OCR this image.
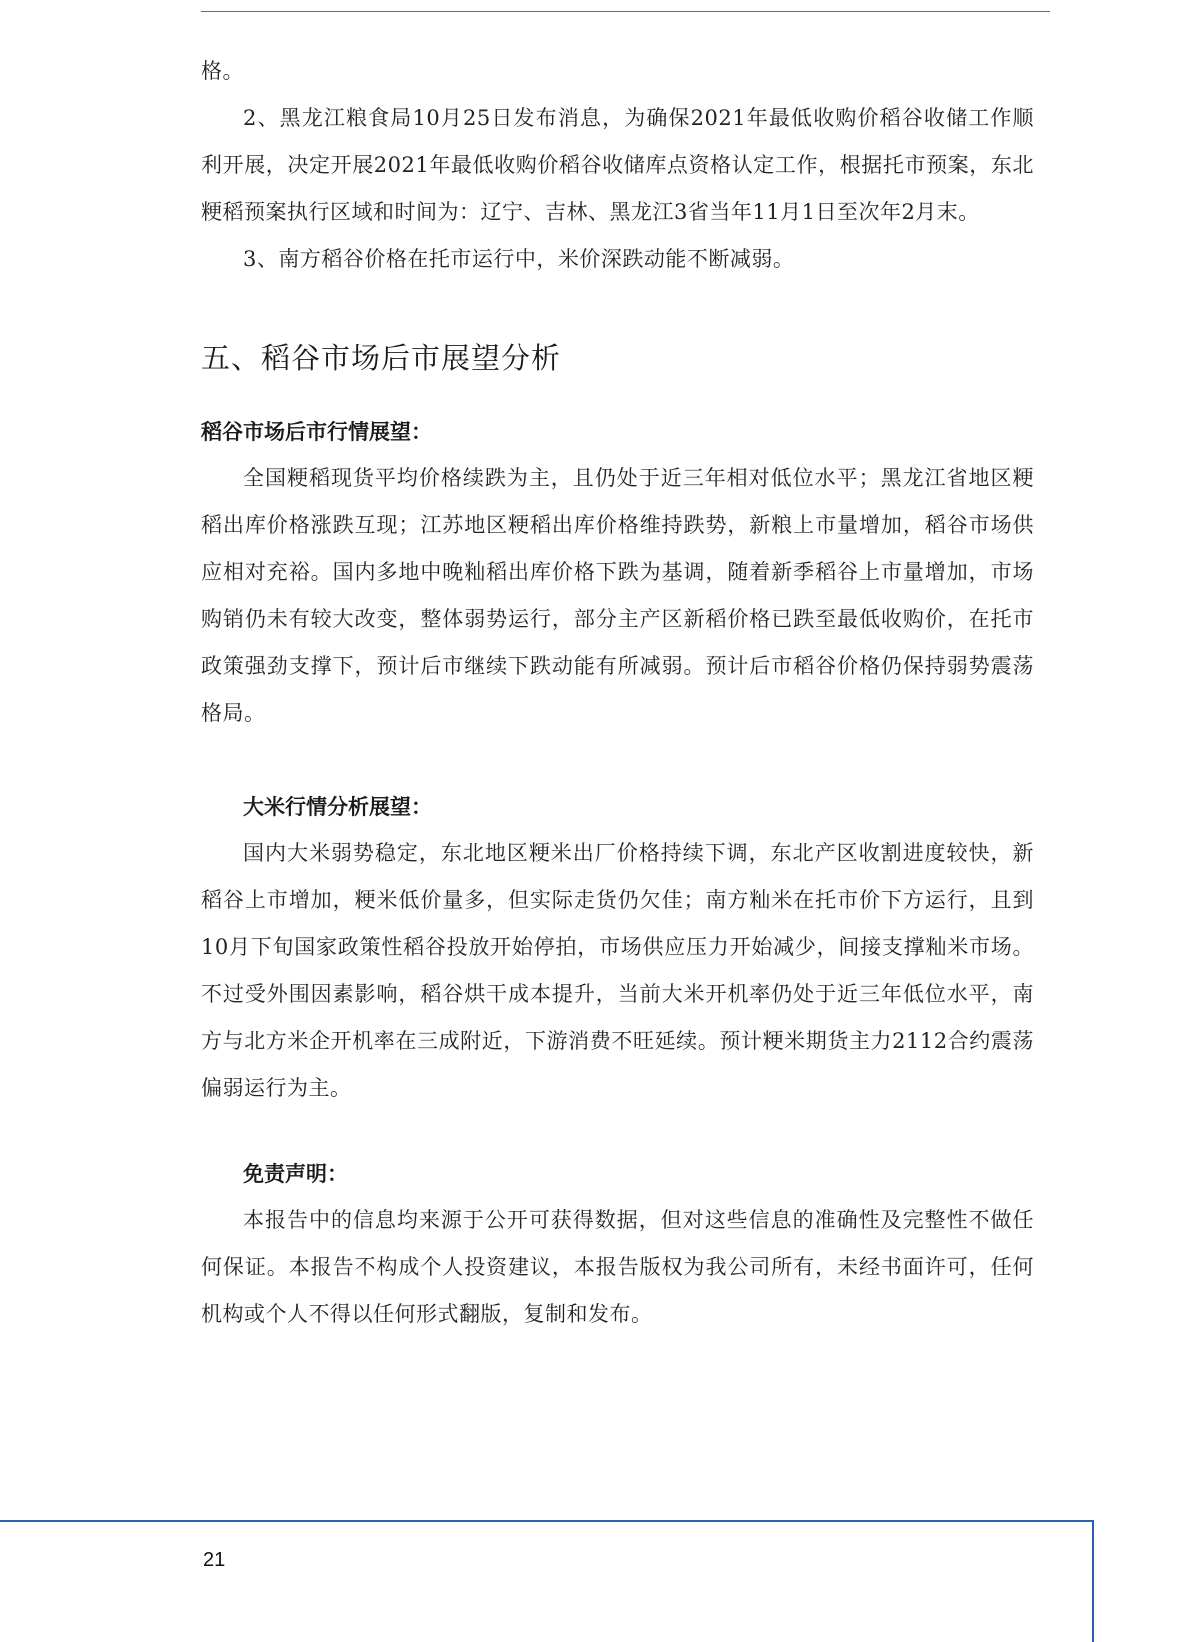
格。

2、黑龙江粮食局10月25日发布消息，为确保2021年最低收购价稻谷收储工作顺利开展，决定开展2021年最低收购价稻谷收储库点资格认定工作，根据托市预案，东北粳稻预案执行区域和时间为：辽宁、吉林、黑龙江3省当年11月1日至次年2月末。

3、南方稻谷价格在托市运行中，米价深跌动能不断减弱。

五、稻谷市场后市展望分析
稻谷市场后市行情展望：

全国粳稻现货平均价格续跌为主，且仍处于近三年相对低位水平；黑龙江省地区粳稻出库价格涨跌互现；江苏地区粳稻出库价格维持跌势，新粮上市量增加，稻谷市场供应相对充裕。国内多地中晚籼稻出库价格下跌为基调，随着新季稻谷上市量增加，市场购销仍未有较大改变，整体弱势运行，部分主产区新稻价格已跌至最低收购价，在托市政策强劲支撑下，预计后市继续下跌动能有所减弱。预计后市稻谷价格仍保持弱势震荡格局。

大米行情分析展望：

国内大米弱势稳定，东北地区粳米出厂价格持续下调，东北产区收割进度较快，新稻谷上市增加，粳米低价量多，但实际走货仍欠佳；南方籼米在托市价下方运行，且到10月下旬国家政策性稻谷投放开始停拍，市场供应压力开始减少，间接支撑籼米市场。不过受外围因素影响，稻谷烘干成本提升，当前大米开机率仍处于近三年低位水平，南方与北方米企开机率在三成附近，下游消费不旺延续。预计粳米期货主力2112合约震荡偏弱运行为主。

免责声明：

本报告中的信息均来源于公开可获得数据，但对这些信息的准确性及完整性不做任何保证。本报告不构成个人投资建议，本报告版权为我公司所有，未经书面许可，任何机构或个人不得以任何形式翻版，复制和发布。

21
